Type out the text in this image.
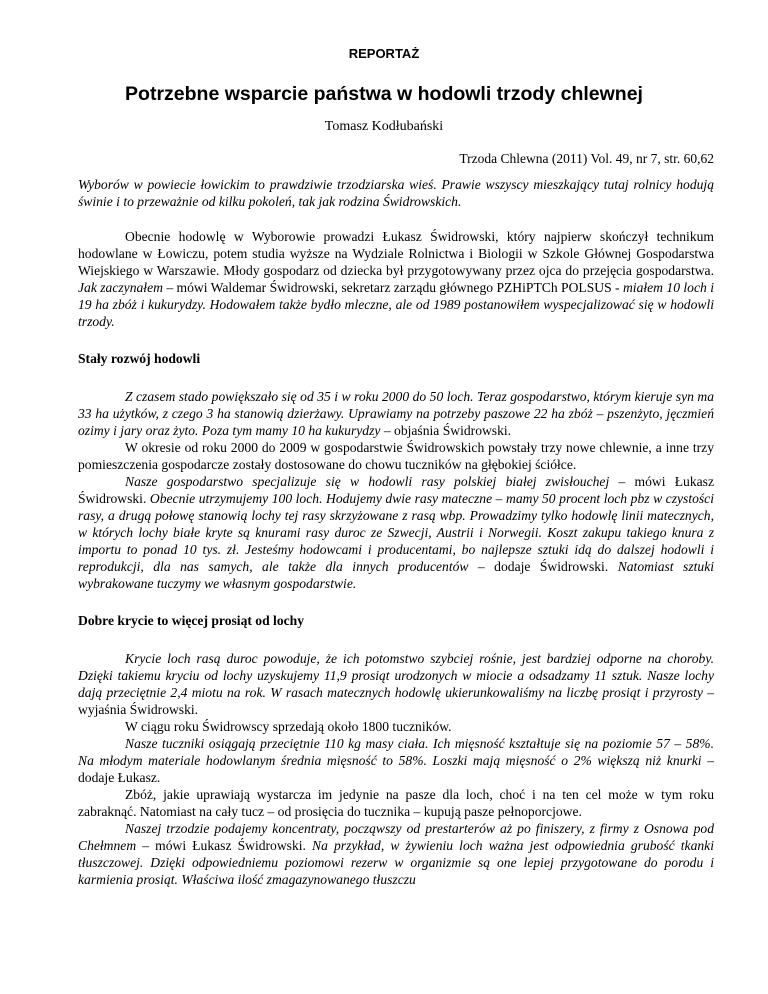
REPORTAŻ
Potrzebne wsparcie państwa w hodowli trzody chlewnej
Tomasz Kodłubański
Trzoda Chlewna (2011) Vol. 49, nr 7, str. 60,62

Wyborów w powiecie łowickim to prawdziwie trzodziarska wieś. Prawie wszyscy mieszkający tutaj rolnicy hodują świnie i to przeważnie od kilku pokoleń, tak jak rodzina Świdrowskich.

Obecnie hodowlę w Wyborowie prowadzi Łukasz Świdrowski, który najpierw skończył technikum hodowlane w Łowiczu, potem studia wyższe na Wydziale Rolnictwa i Biologii w Szkole Głównej Gospodarstwa Wiejskiego w Warszawie. Młody gospodarz od dziecka był przygotowywany przez ojca do przejęcia gospodarstwa. Jak zaczynałem – mówi Waldemar Świdrowski, sekretarz zarządu głównego PZHiPTCh POLSUS - miałem 10 loch i 19 ha zbóż i kukurydzy. Hodowałem także bydło mleczne, ale od 1989 postanowiłem wyspecjalizować się w hodowli trzody.

Stały rozwój hodowli

Z czasem stado powiększało się od 35 i w roku 2000 do 50 loch. Teraz gospodarstwo, którym kieruje syn ma 33 ha użytków, z czego 3 ha stanowią dzierżawy. Uprawiamy na potrzeby paszowe 22 ha zbóż – pszenżyto, jęczmień ozimy i jary oraz żyto. Poza tym mamy 10 ha kukurydzy – objaśnia Świdrowski.

W okresie od roku 2000 do 2009 w gospodarstwie Świdrowskich powstały trzy nowe chlewnie, a inne trzy pomieszczenia gospodarcze zostały dostosowane do chowu tuczników na głębokiej ściółce.

Nasze gospodarstwo specjalizuje się w hodowli rasy polskiej białej zwisłouchej – mówi Łukasz Świdrowski. Obecnie utrzymujemy 100 loch. Hodujemy dwie rasy mateczne – mamy 50 procent loch pbz w czystości rasy, a drugą połowę stanowią lochy tej rasy skrzyżowane z rasą wbp. Prowadzimy tylko hodowlę linii matecznych, w których lochy białe kryte są knurami rasy duroc ze Szwecji, Austrii i Norwegii. Koszt zakupu takiego knura z importu to ponad 10 tys. zł. Jesteśmy hodowcami i producentami, bo najlepsze sztuki idą do dalszej hodowli i reprodukcji, dla nas samych, ale także dla innych producentów – dodaje Świdrowski. Natomiast sztuki wybrakowane tuczymy we własnym gospodarstwie.

Dobre krycie to więcej prosiąt od lochy

Krycie loch rasą duroc powoduje, że ich potomstwo szybciej rośnie, jest bardziej odporne na choroby. Dzięki takiemu kryciu od lochy uzyskujemy 11,9 prosiąt urodzonych w miocie a odsadzamy 11 sztuk. Nasze lochy dają przeciętnie 2,4 miotu na rok. W rasach matecznych hodowlę ukierunkowaliśmy na liczbę prosiąt i przyrosty – wyjaśnia Świdrowski.

W ciągu roku Świdrowscy sprzedają około 1800 tuczników.

Nasze tuczniki osiągają przeciętnie 110 kg masy ciała. Ich mięsność kształtuje się na poziomie 57 – 58%. Na młodym materiale hodowlanym średnia mięsność to 58%. Loszki mają mięsność o 2% większą niż knurki – dodaje Łukasz.

Zbóż, jakie uprawiają wystarcza im jedynie na pasze dla loch, choć i na ten cel może w tym roku zabraknąć. Natomiast na cały tucz – od prosięcia do tucznika – kupują pasze pełnoporcjowe.

Naszej trzodzie podajemy koncentraty, począwszy od prestarterów aż po finiszery, z firmy z Osnowa pod Chełmnem – mówi Łukasz Świdrowski. Na przykład, w żywieniu loch ważna jest odpowiednia grubość tkanki tłuszczowej. Dzięki odpowiedniemu poziomowi rezerw w organizmie są one lepiej przygotowane do porodu i karmienia prosiąt. Właściwa ilość zmagazynowanego tłuszczu
